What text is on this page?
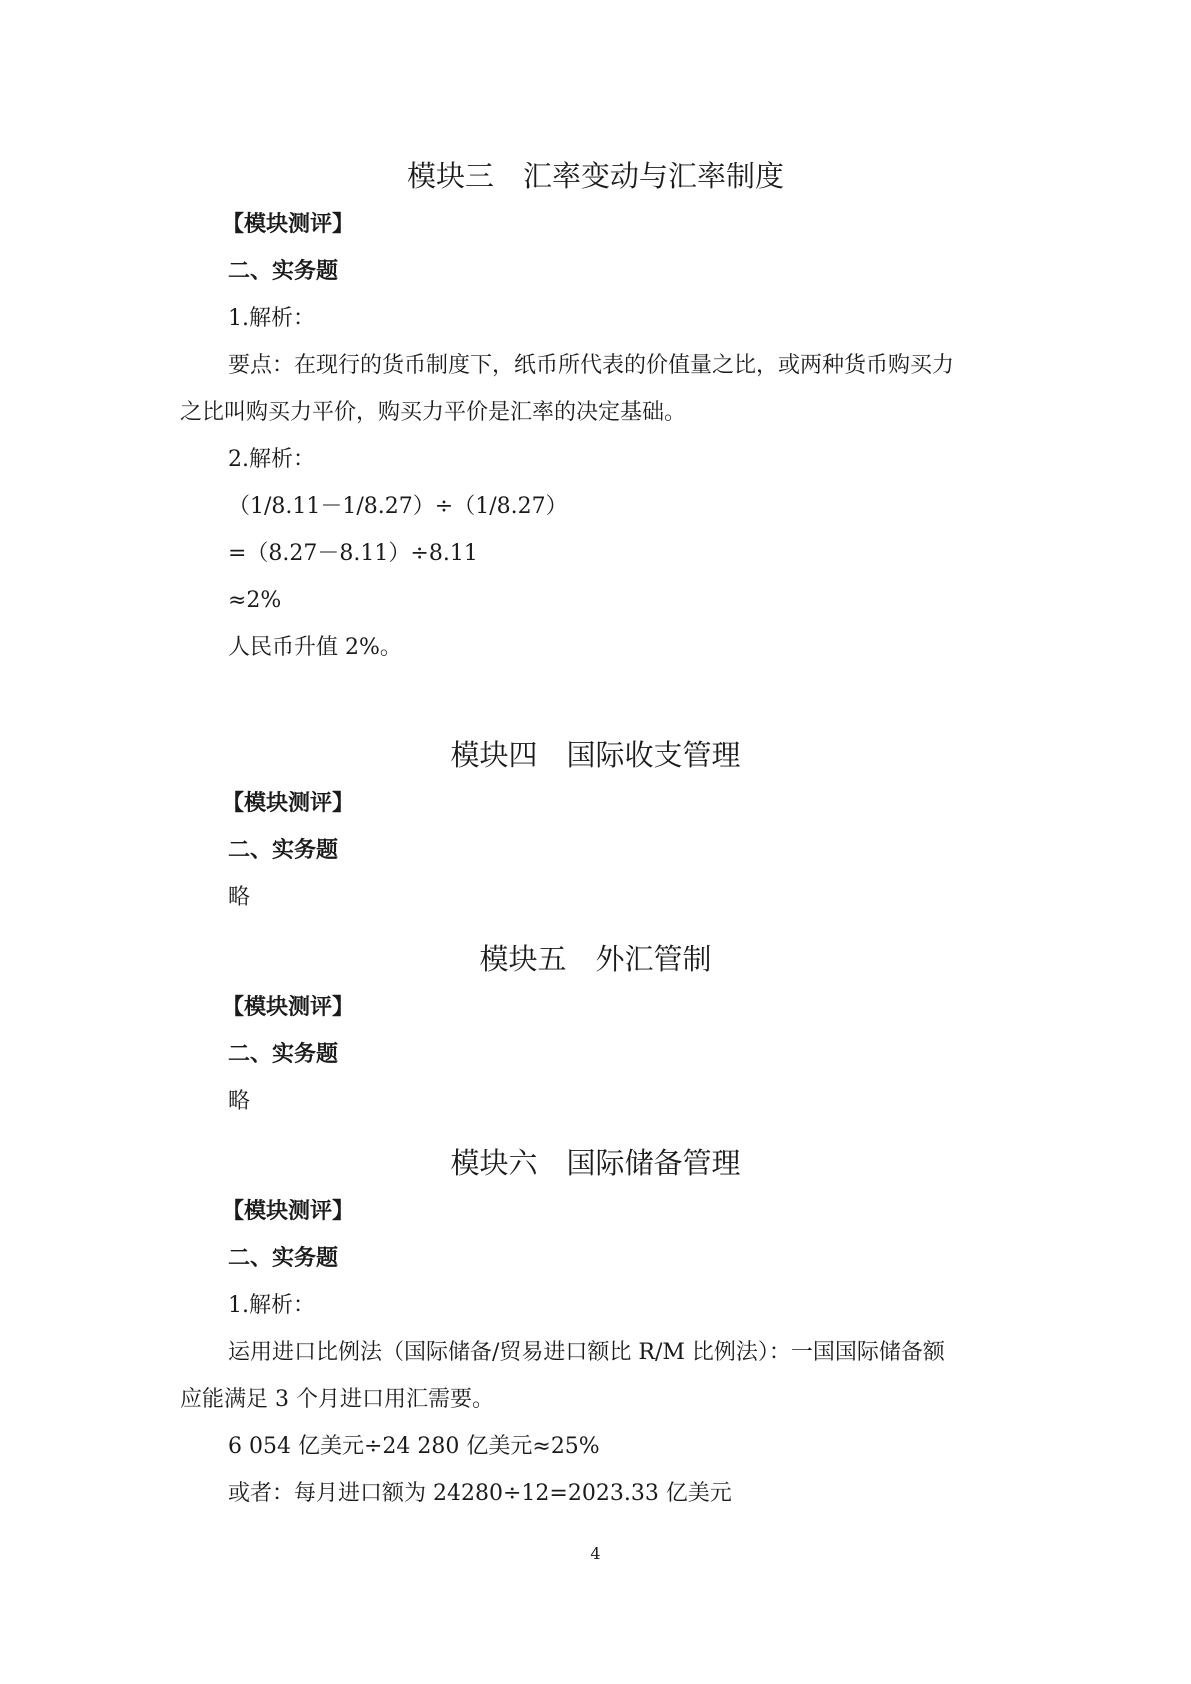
模块三　汇率变动与汇率制度
【模块测评】
二、实务题
1.解析：
要点：在现行的货币制度下，纸币所代表的价值量之比，或两种货币购买力
之比叫购买力平价，购买力平价是汇率的决定基础。
2.解析：
（1/8.11－1/8.27）÷（1/8.27）
=（8.27－8.11）÷8.11
≈2%
人民币升值 2%。
模块四　国际收支管理
【模块测评】
二、实务题
略
模块五　外汇管制
【模块测评】
二、实务题
略
模块六　国际储备管理
【模块测评】
二、实务题
1.解析：
运用进口比例法（国际储备/贸易进口额比 R/M 比例法）：一国国际储备额
应能满足 3 个月进口用汇需要。
6 054 亿美元÷24 280 亿美元≈25%
或者：每月进口额为 24280÷12=2023.33 亿美元
4
